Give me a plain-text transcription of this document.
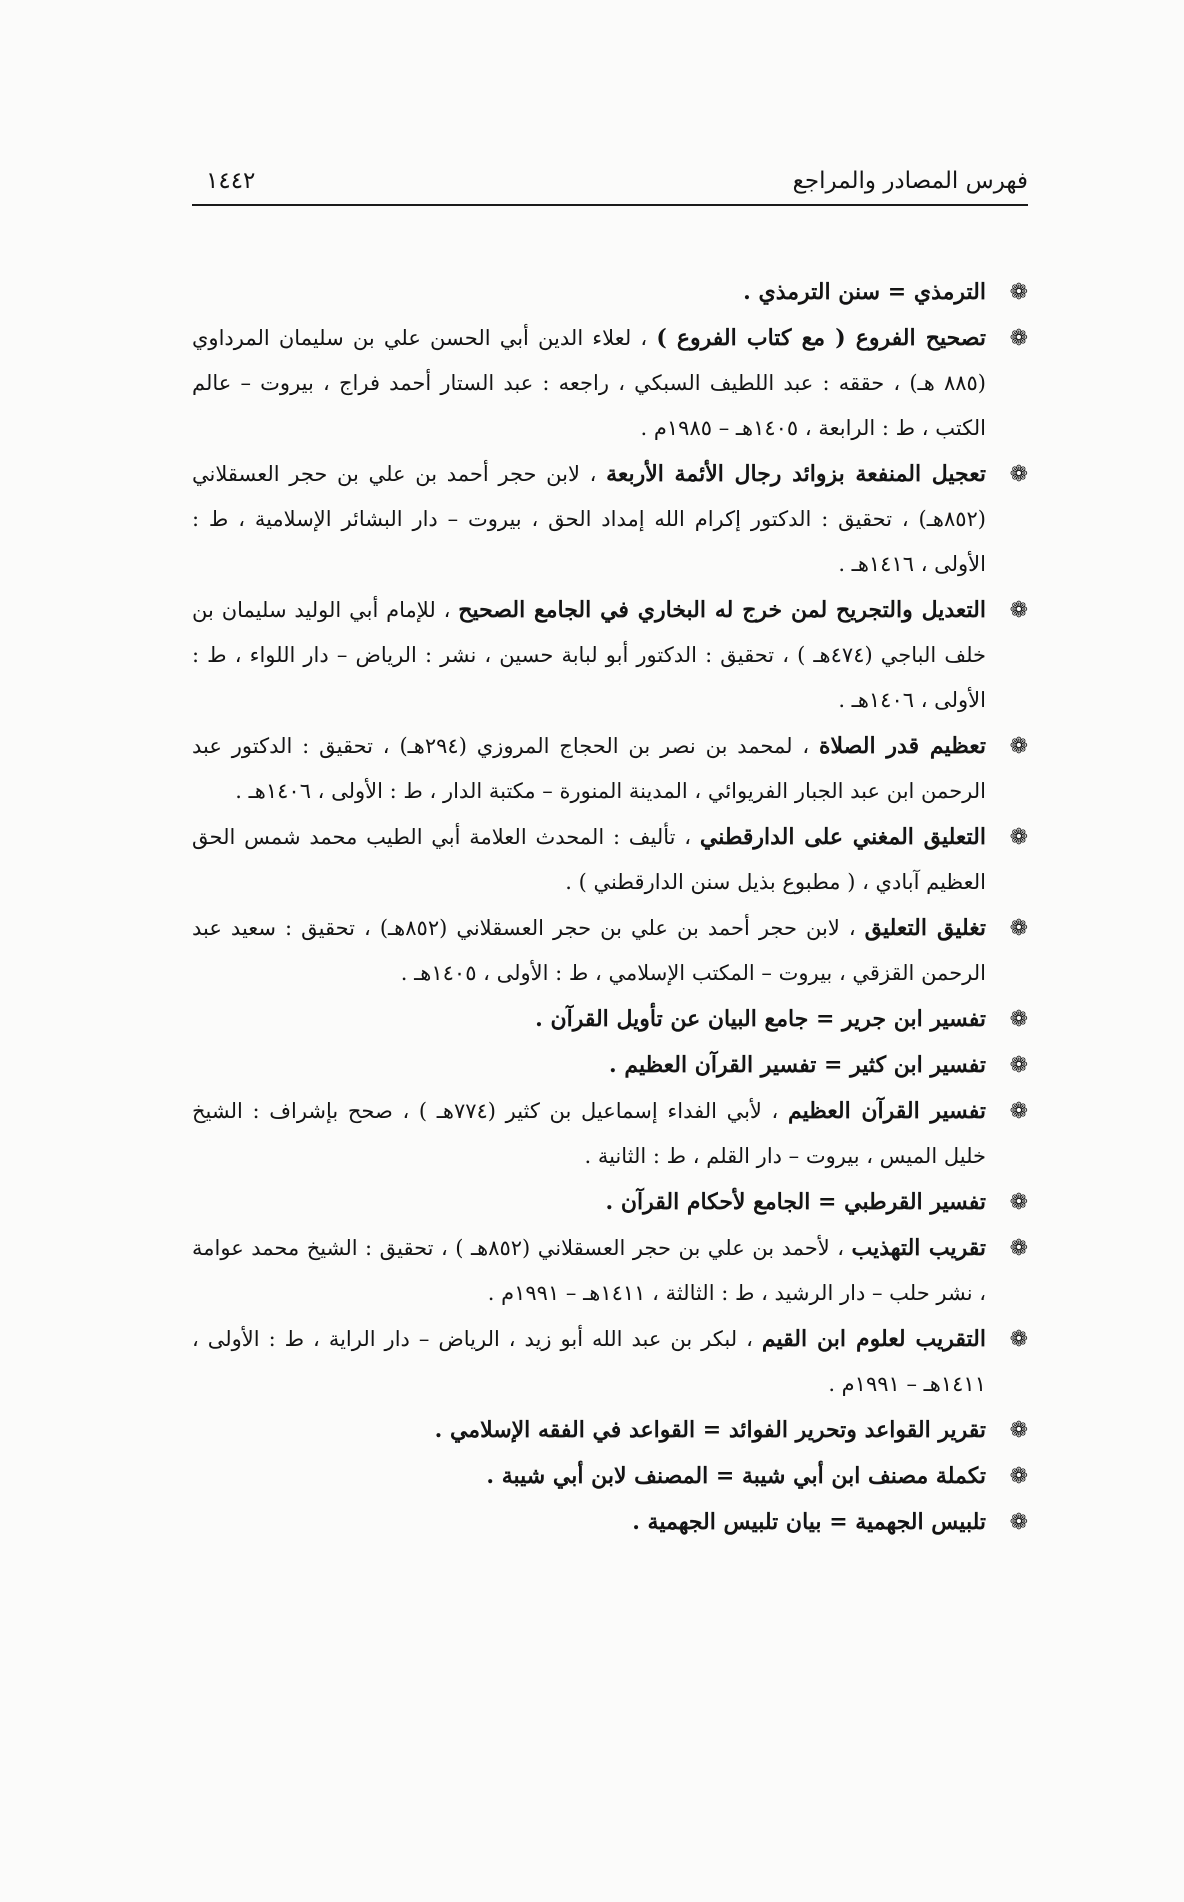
فهرس المصادر والمراجع
١٤٤٢
❁
الترمذي = سنن الترمذي .
❁
تصحيح الفروع ( مع كتاب الفروع ) ، لعلاء الدين أبي الحسن علي بن سليمان المرداوي (٨٨٥ هـ) ، حققه : عبد اللطيف السبكي ، راجعه : عبد الستار أحمد فراج ، بيروت – عالم الكتب ، ط : الرابعة ، ١٤٠٥هـ – ١٩٨٥م .
❁
تعجيل المنفعة بزوائد رجال الأئمة الأربعة ، لابن حجر أحمد بن علي بن حجر العسقلاني (٨٥٢هـ) ، تحقيق : الدكتور إكرام الله إمداد الحق ، بيروت – دار البشائر الإسلامية ، ط : الأولى ، ١٤١٦هـ .
❁
التعديل والتجريح لمن خرج له البخاري في الجامع الصحيح ، للإمام أبي الوليد سليمان بن خلف الباجي (٤٧٤هـ ) ، تحقيق : الدكتور أبو لبابة حسين ، نشر : الرياض – دار اللواء ، ط : الأولى ، ١٤٠٦هـ .
❁
تعظيم قدر الصلاة ، لمحمد بن نصر بن الحجاج المروزي (٢٩٤هـ) ، تحقيق : الدكتور عبد الرحمن ابن عبد الجبار الفريوائي ، المدينة المنورة – مكتبة الدار ، ط : الأولى ، ١٤٠٦هـ .
❁
التعليق المغني على الدارقطني ، تأليف : المحدث العلامة أبي الطيب محمد شمس الحق العظيم آبادي ، ( مطبوع بذيل سنن الدارقطني ) .
❁
تغليق التعليق ، لابن حجر أحمد بن علي بن حجر العسقلاني (٨٥٢هـ) ، تحقيق : سعيد عبد الرحمن القزقي ، بيروت – المكتب الإسلامي ، ط : الأولى ، ١٤٠٥هـ .
❁
تفسير ابن جرير = جامع البيان عن تأويل القرآن .
❁
تفسير ابن كثير = تفسير القرآن العظيم .
❁
تفسير القرآن العظيم ، لأبي الفداء إسماعيل بن كثير (٧٧٤هـ ) ، صحح بإشراف : الشيخ خليل الميس ، بيروت – دار القلم ، ط : الثانية .
❁
تفسير القرطبي = الجامع لأحكام القرآن .
❁
تقريب التهذيب ، لأحمد بن علي بن حجر العسقلاني (٨٥٢هـ ) ، تحقيق : الشيخ محمد عوامة ، نشر حلب – دار الرشيد ، ط : الثالثة ، ١٤١١هـ – ١٩٩١م .
❁
التقريب لعلوم ابن القيم ، لبكر بن عبد الله أبو زيد ، الرياض – دار الراية ، ط : الأولى ، ١٤١١هـ – ١٩٩١م .
❁
تقرير القواعد وتحرير الفوائد = القواعد في الفقه الإسلامي .
❁
تكملة مصنف ابن أبي شيبة = المصنف لابن أبي شيبة .
❁
تلبيس الجهمية = بيان تلبيس الجهمية .
